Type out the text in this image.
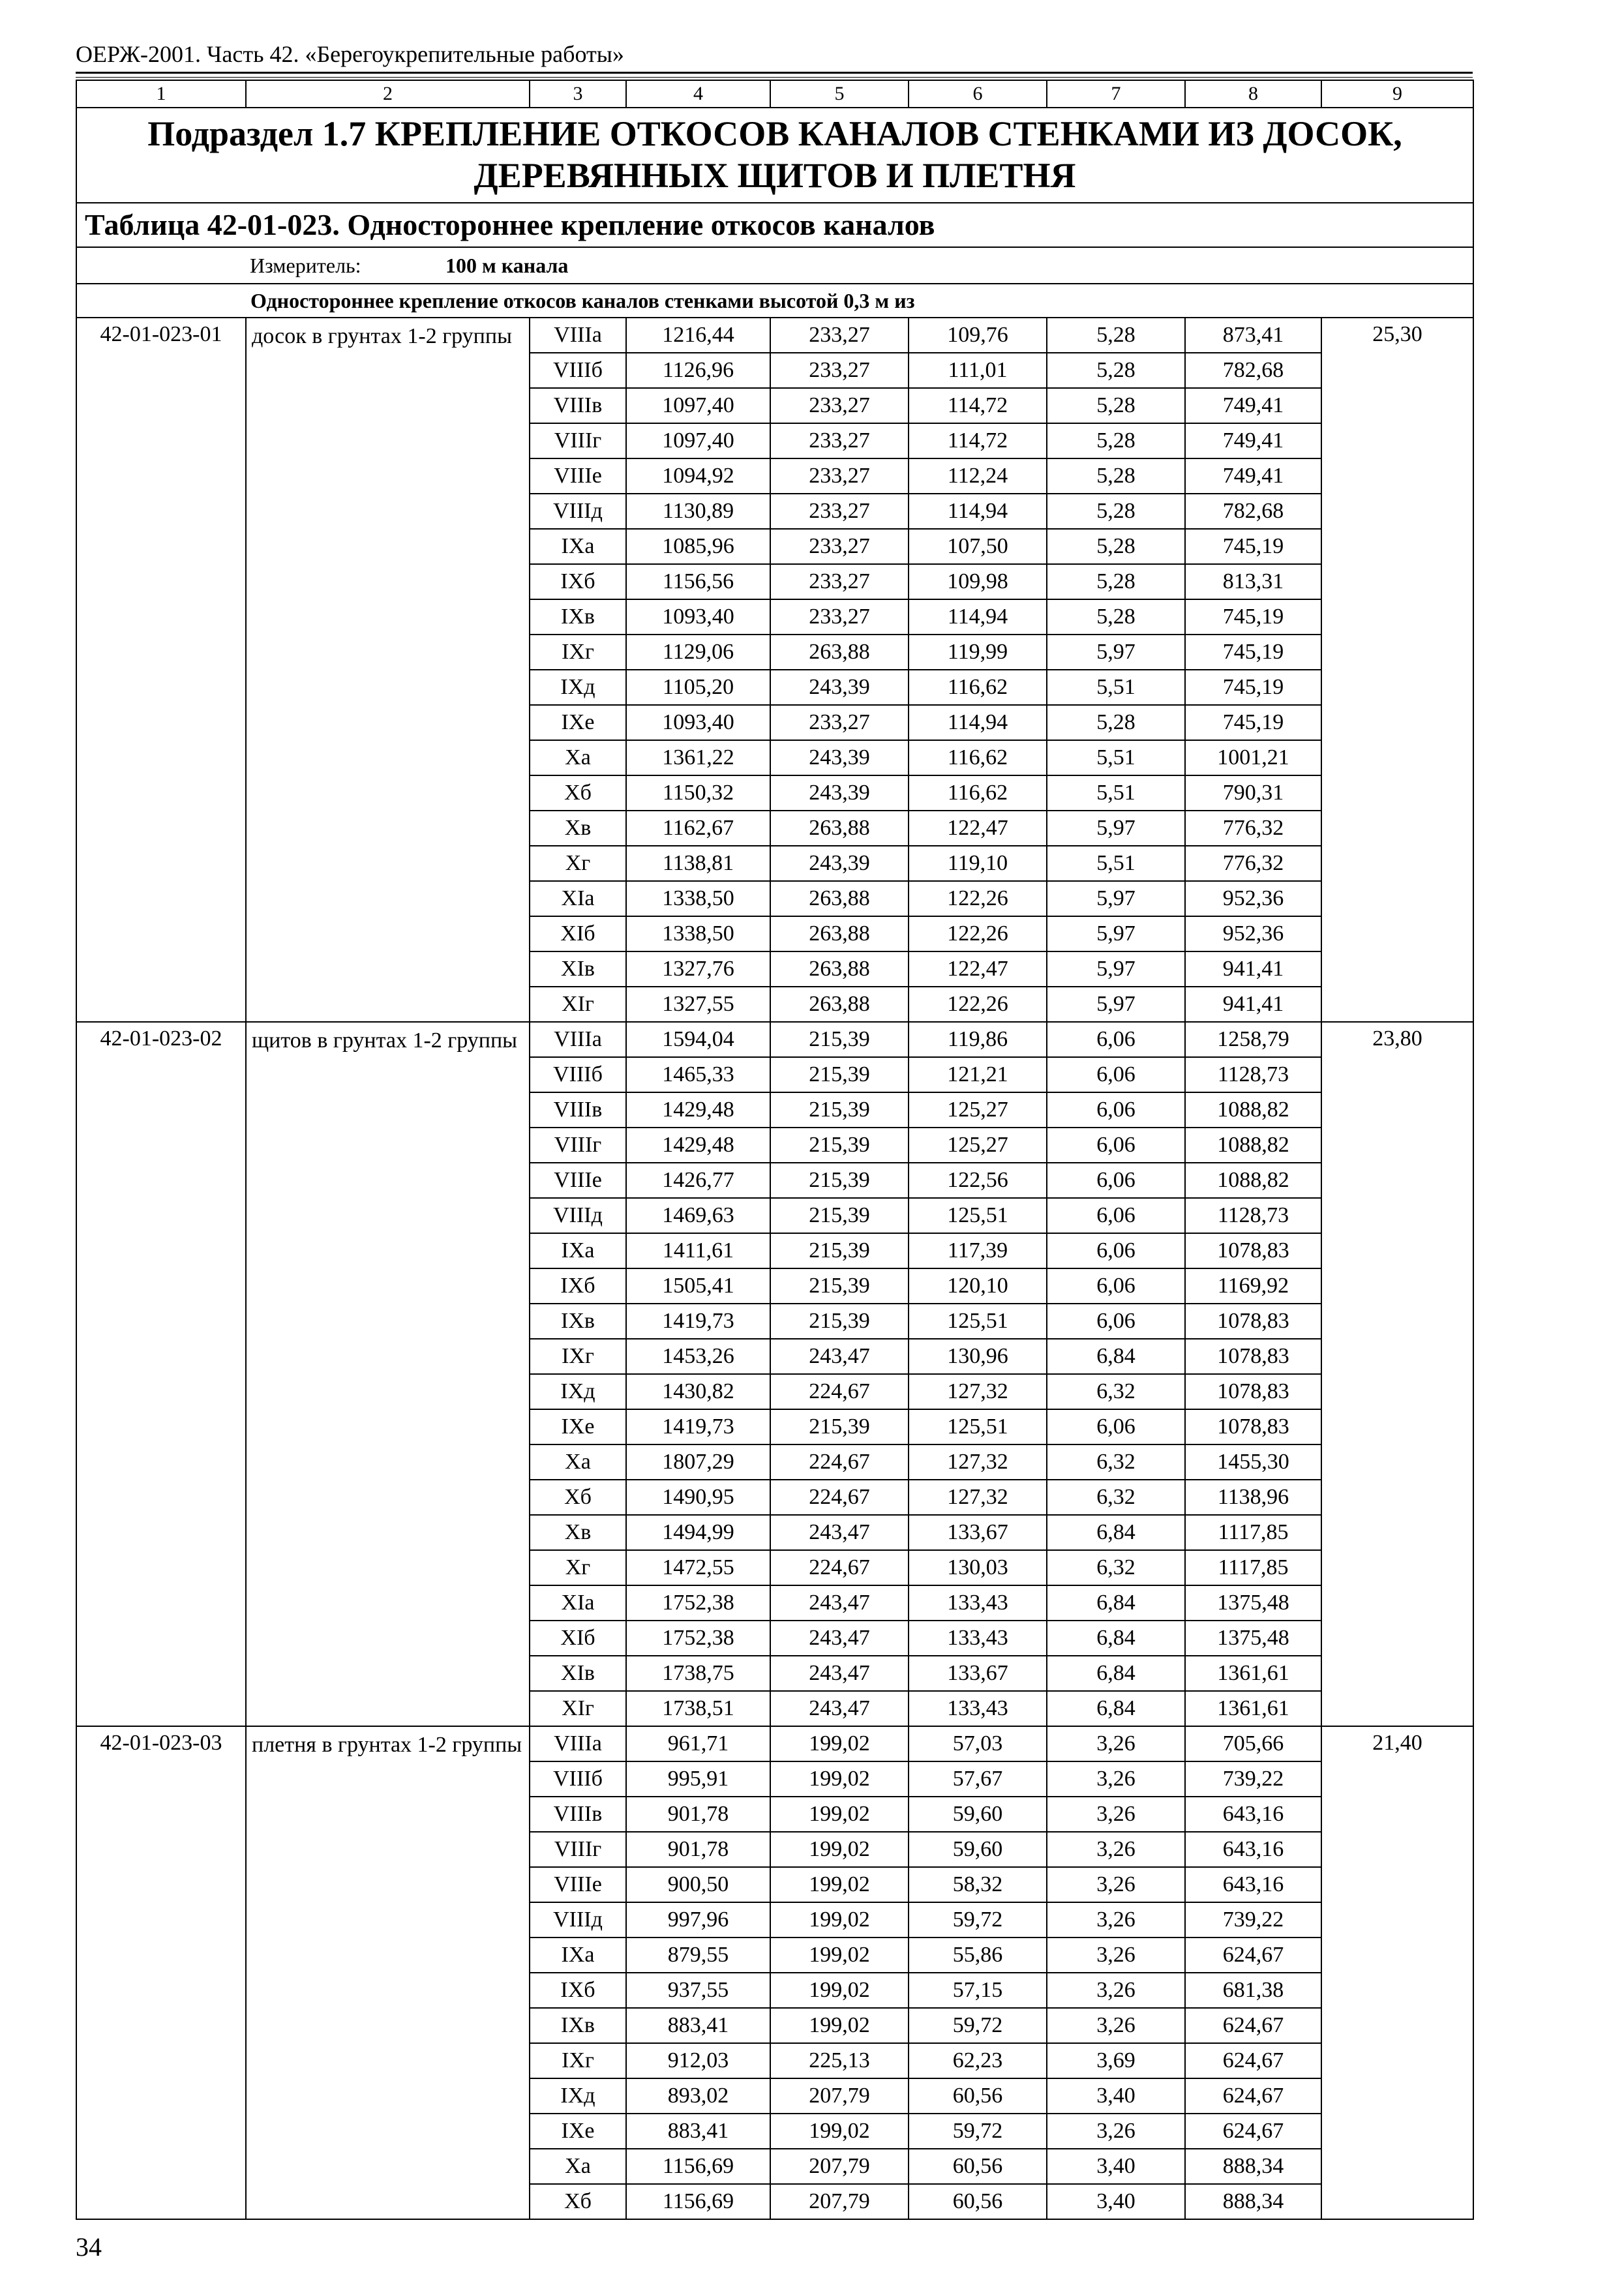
ОЕРЖ-2001. Часть 42. «Берегоукрепительные работы»
1	2	3	4	5	6	7	8	9
Подраздел 1.7 КРЕПЛЕНИЕ ОТКОСОВ КАНАЛОВ СТЕНКАМИ ИЗ ДОСОК, ДЕРЕВЯННЫХ ЩИТОВ И ПЛЕТНЯ								
Таблица 42-01-023. Одностороннее крепление откосов каналов								
Измеритель: 100 м канала								
Одностороннее крепление откосов каналов стенками высотой 0,3 м из								
42-01-023-01	досок в грунтах 1-2 группы	VIIIа	1216,44	233,27	109,76	5,28	873,41	25,30
		VIIIб	1126,96	233,27	111,01	5,28	782,68	
		VIIIв	1097,40	233,27	114,72	5,28	749,41	
		VIIIг	1097,40	233,27	114,72	5,28	749,41	
		VIIIе	1094,92	233,27	112,24	5,28	749,41	
		VIIIд	1130,89	233,27	114,94	5,28	782,68	
		IXа	1085,96	233,27	107,50	5,28	745,19	
		IXб	1156,56	233,27	109,98	5,28	813,31	
		IXв	1093,40	233,27	114,94	5,28	745,19	
		IXг	1129,06	263,88	119,99	5,97	745,19	
		IXд	1105,20	243,39	116,62	5,51	745,19	
		IXе	1093,40	233,27	114,94	5,28	745,19	
		Xа	1361,22	243,39	116,62	5,51	1001,21	
		Xб	1150,32	243,39	116,62	5,51	790,31	
		Xв	1162,67	263,88	122,47	5,97	776,32	
		Xг	1138,81	243,39	119,10	5,51	776,32	
		XIа	1338,50	263,88	122,26	5,97	952,36	
		XIб	1338,50	263,88	122,26	5,97	952,36	
		XIв	1327,76	263,88	122,47	5,97	941,41	
		XIг	1327,55	263,88	122,26	5,97	941,41	
42-01-023-02	щитов в грунтах 1-2 группы	VIIIа	1594,04	215,39	119,86	6,06	1258,79	23,80
		VIIIб	1465,33	215,39	121,21	6,06	1128,73	
		VIIIв	1429,48	215,39	125,27	6,06	1088,82	
		VIIIг	1429,48	215,39	125,27	6,06	1088,82	
		VIIIе	1426,77	215,39	122,56	6,06	1088,82	
		VIIIд	1469,63	215,39	125,51	6,06	1128,73	
		IXа	1411,61	215,39	117,39	6,06	1078,83	
		IXб	1505,41	215,39	120,10	6,06	1169,92	
		IXв	1419,73	215,39	125,51	6,06	1078,83	
		IXг	1453,26	243,47	130,96	6,84	1078,83	
		IXд	1430,82	224,67	127,32	6,32	1078,83	
		IXе	1419,73	215,39	125,51	6,06	1078,83	
		Xа	1807,29	224,67	127,32	6,32	1455,30	
		Xб	1490,95	224,67	127,32	6,32	1138,96	
		Xв	1494,99	243,47	133,67	6,84	1117,85	
		Xг	1472,55	224,67	130,03	6,32	1117,85	
		XIа	1752,38	243,47	133,43	6,84	1375,48	
		XIб	1752,38	243,47	133,43	6,84	1375,48	
		XIв	1738,75	243,47	133,67	6,84	1361,61	
		XIг	1738,51	243,47	133,43	6,84	1361,61	
42-01-023-03	плетня в грунтах 1-2 группы	VIIIа	961,71	199,02	57,03	3,26	705,66	21,40
		VIIIб	995,91	199,02	57,67	3,26	739,22	
		VIIIв	901,78	199,02	59,60	3,26	643,16	
		VIIIг	901,78	199,02	59,60	3,26	643,16	
		VIIIе	900,50	199,02	58,32	3,26	643,16	
		VIIIд	997,96	199,02	59,72	3,26	739,22	
		IXа	879,55	199,02	55,86	3,26	624,67	
		IXб	937,55	199,02	57,15	3,26	681,38	
		IXв	883,41	199,02	59,72	3,26	624,67	
		IXг	912,03	225,13	62,23	3,69	624,67	
		IXд	893,02	207,79	60,56	3,40	624,67	
		IXе	883,41	199,02	59,72	3,26	624,67	
		Xа	1156,69	207,79	60,56	3,40	888,34	
		Xб	1156,69	207,79	60,56	3,40	888,34	
34
